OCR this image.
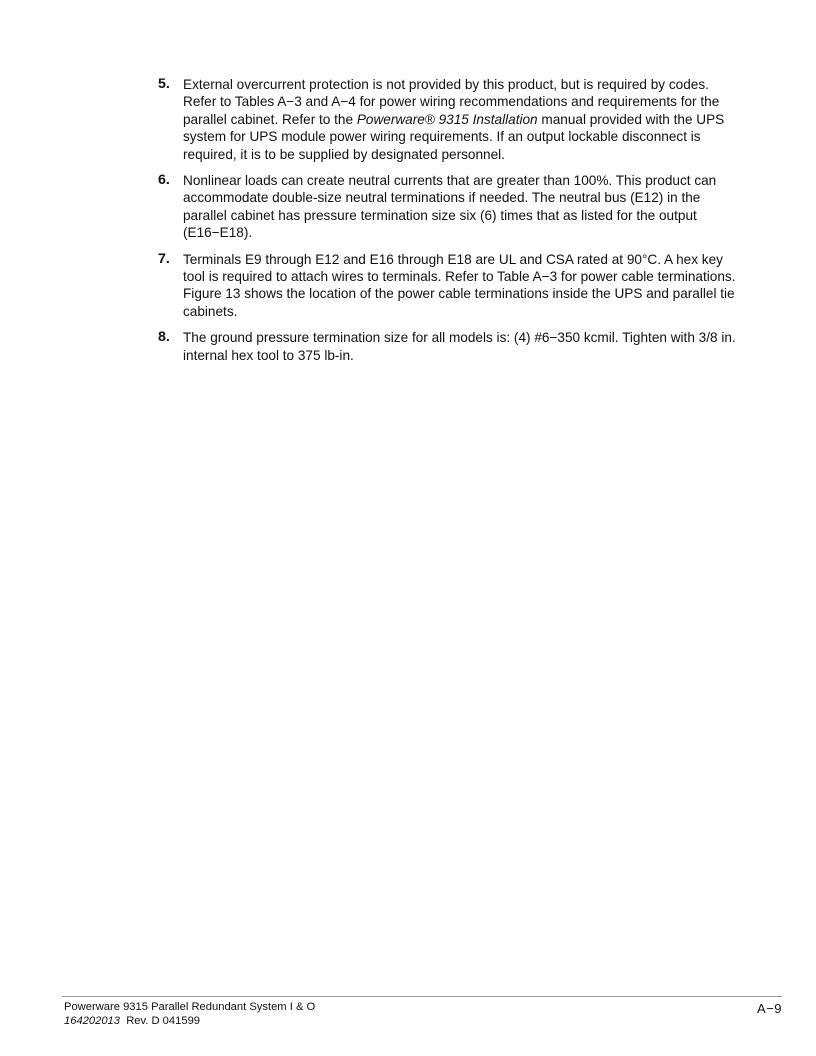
5. External overcurrent protection is not provided by this product, but is required by codes. Refer to Tables A−3 and A−4 for power wiring recommendations and requirements for the parallel cabinet. Refer to the Powerware® 9315 Installation manual provided with the UPS system for UPS module power wiring requirements. If an output lockable disconnect is required, it is to be supplied by designated personnel.
6. Nonlinear loads can create neutral currents that are greater than 100%. This product can accommodate double-size neutral terminations if needed. The neutral bus (E12) in the parallel cabinet has pressure termination size six (6) times that as listed for the output (E16−E18).
7. Terminals E9 through E12 and E16 through E18 are UL and CSA rated at 90°C. A hex key tool is required to attach wires to terminals. Refer to Table A−3 for power cable terminations. Figure 13 shows the location of the power cable terminations inside the UPS and parallel tie cabinets.
8. The ground pressure termination size for all models is: (4) #6−350 kcmil. Tighten with 3/8 in. internal hex tool to 375 lb-in.
Powerware 9315 Parallel Redundant System I & O
164202013 Rev. D 041599
A−9
